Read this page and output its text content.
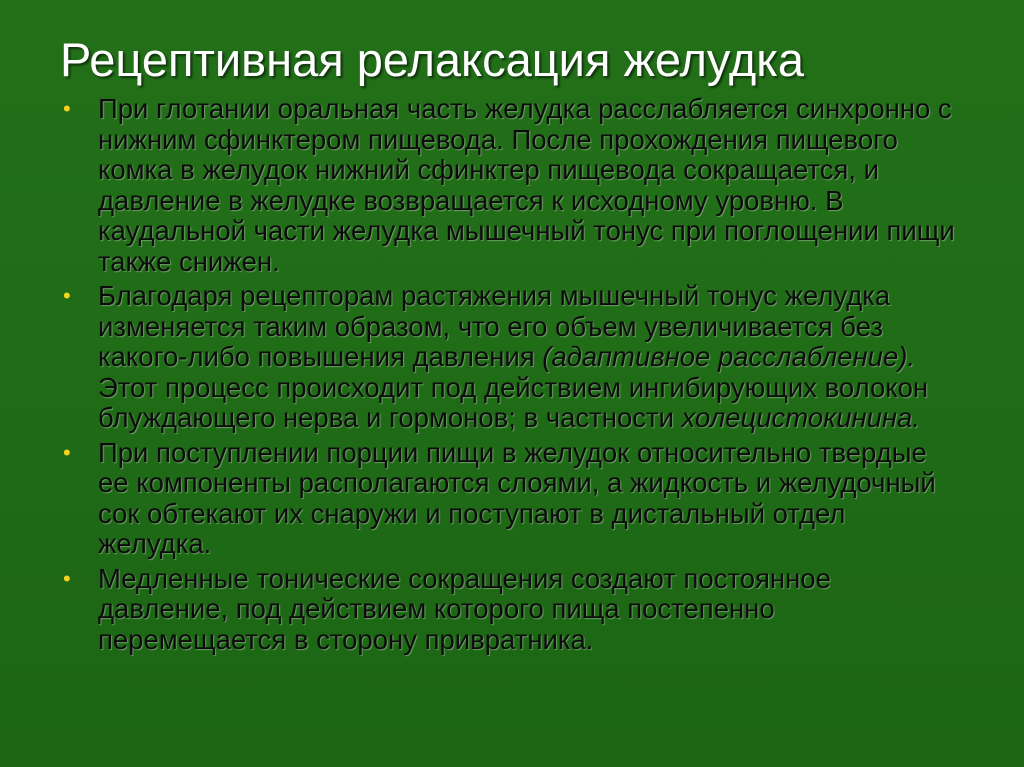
Рецептивная релаксация желудка
• При глотании оральная часть желудка расслабляется синхронно с нижним сфинктером пищевода. После прохождения пищевого комка в желудок нижний сфинктер пищевода сокращается, и давление в желудке возвращается к исходному уровню. В каудальной части желудка мышечный тонус при поглощении пищи также снижен.
• Благодаря рецепторам растяжения мышечный тонус желудка изменяется таким образом, что его объем увеличивается без какого-либо повышения давления (адаптивное расслабление). Этот процесс происходит под действием ингибирующих волокон блуждающего нерва и гормонов; в частности холецистокинина.
• При поступлении порции пищи в желудок относительно твердые ее компоненты располагаются слоями, а жидкость и желудочный сок обтекают их снаружи и поступают в дистальный отдел желудка.
• Медленные тонические сокращения создают постоянное давление, под действием которого пища постепенно перемещается в сторону привратника.
